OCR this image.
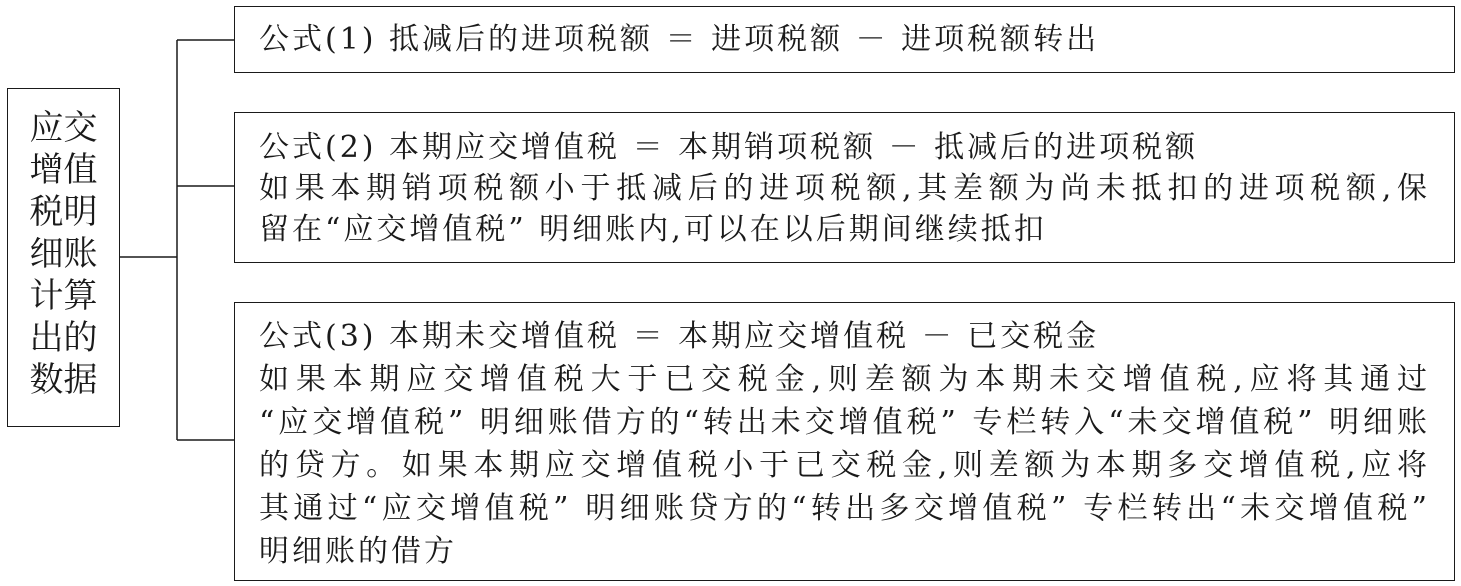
应交
增值
税明
细账
计算
出的
数据
公式(1) 抵减后的进项税额 ＝ 进项税额 － 进项税额转出
公式(2) 本期应交增值税 ＝ 本期销项税额 － 抵减后的进项税额
如果本期销项税额小于抵减后的进项税额,其差额为尚未抵扣的进项税额,保
留在“应交增值税” 明细账内,可以在以后期间继续抵扣
公式(3) 本期未交增值税 ＝ 本期应交增值税 － 已交税金
如果本期应交增值税大于已交税金,则差额为本期未交增值税,应将其通过
“应交增值税” 明细账借方的“转出未交增值税” 专栏转入“未交增值税” 明细账
的贷方。如果本期应交增值税小于已交税金,则差额为本期多交增值税,应将
其通过“应交增值税” 明细账贷方的“转出多交增值税” 专栏转出“未交增值税”
明细账的借方
